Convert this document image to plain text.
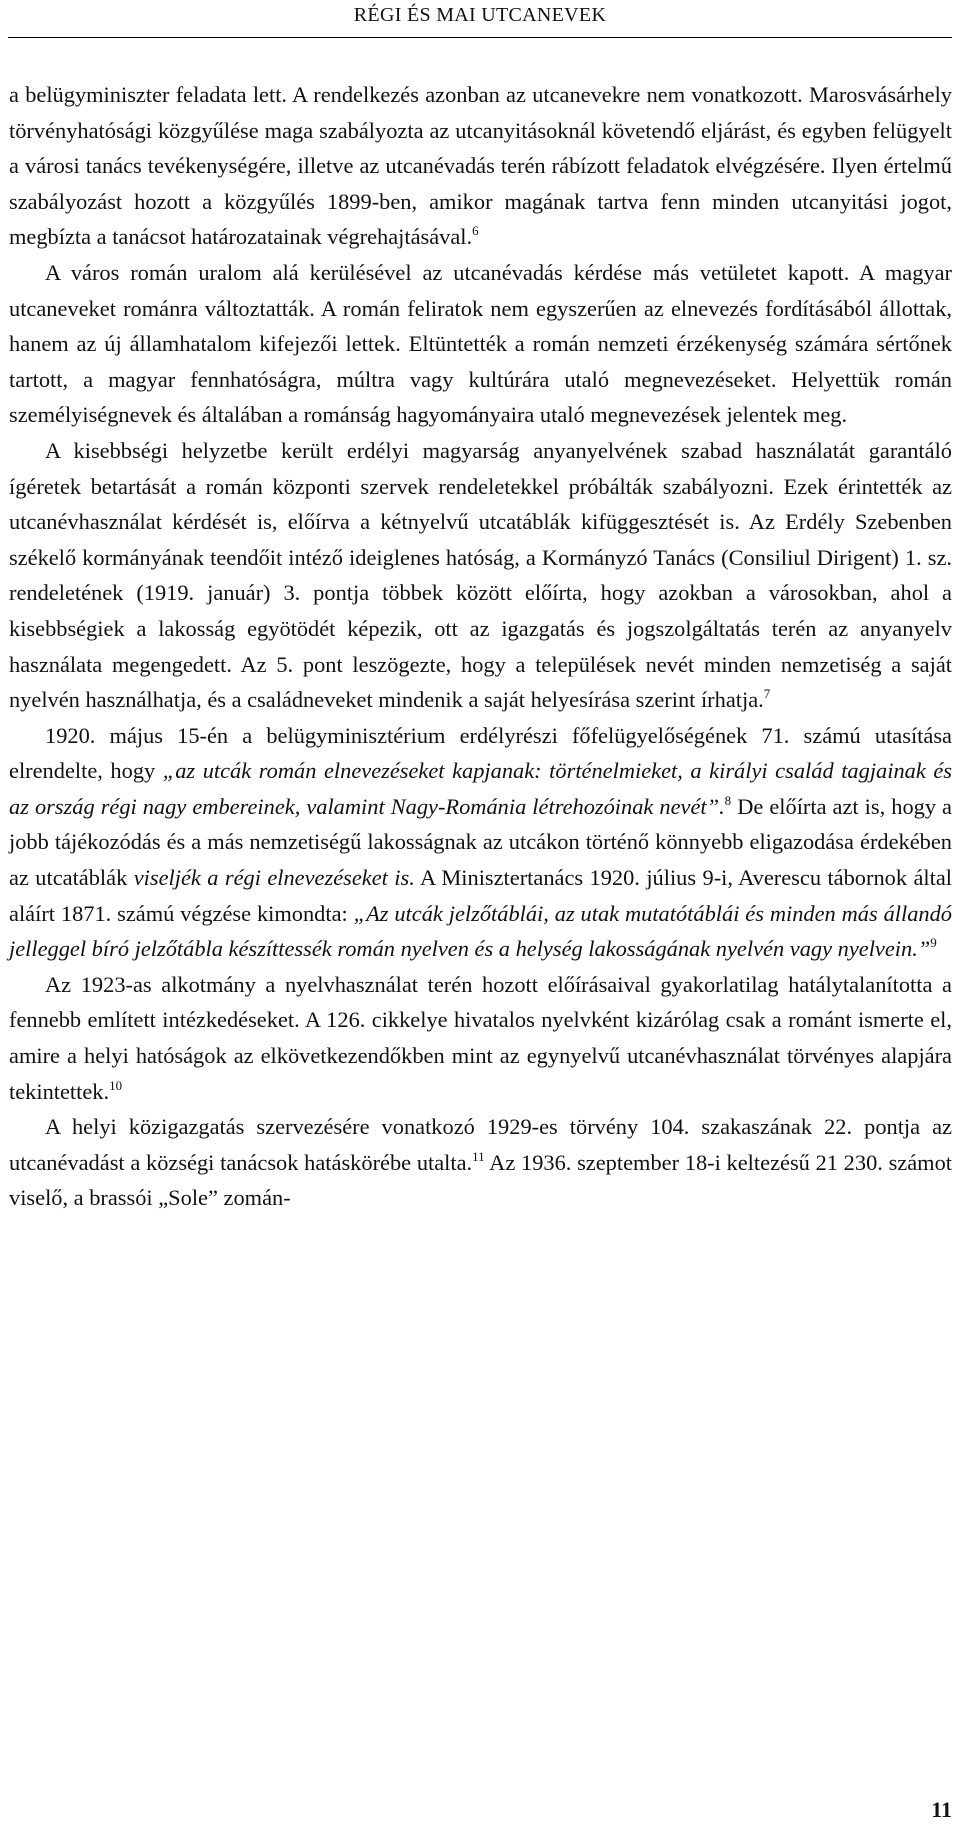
RÉGI ÉS MAI UTCANEVEK

a belügyminiszter feladata lett. A rendelkezés azonban az utcanevekre nem vonatkozott. Marosvásárhely törvényhatósági közgyűlése maga szabályozta az utcanyitásoknál követendő eljárást, és egyben felügyelt a városi tanács tevékenységére, illetve az utcanévadás terén rábízott feladatok elvégzésére. Ilyen értelmű szabályozást hozott a közgyűlés 1899-ben, amikor magának tartva fenn minden utcanyitási jogot, megbízta a tanácsot határozatainak végrehajtásával.$^6$

A város román uralom alá kerülésével az utcanévadás kérdése más vetületet kapott. A magyar utcaneveket románra változtatták. A román feliratok nem egyszerűen az elnevezés fordításából állottak, hanem az új államhatalom kifejezői lettek. Eltüntették a román nemzeti érzékenység számára sértőnek tartott, a magyar fennhatóságra, múltra vagy kultúrára utaló megnevezéseket. Helyettük román személyiségnevek és általában a románság hagyományaira utaló megnevezések jelentek meg.

A kisebbségi helyzetbe került erdélyi magyarság anyanyelvének szabad használatát garantáló ígéretek betartását a román központi szervek rendeletekkel próbálták szabályozni. Ezek érintették az utcanévhasználat kérdését is, előírva a kétnyelvű utcatáblák kifüggesztését is. Az Erdély Szebenben székelő kormányának teendőit intéző ideiglenes hatóság, a Kormányzó Tanács (Consiliul Dirigent) 1. sz. rendeletének (1919. január) 3. pontja többek között előírta, hogy azokban a városokban, ahol a kisebbségiek a lakosság egyötödét képezik, ott az igazgatás és jogszolgáltatás terén az anyanyelv használata megengedett. Az 5. pont leszögezte, hogy a települések nevét minden nemzetiség a saját nyelvén használhatja, és a családneveket mindenik a saját helyesírása szerint írhatja.$^7$

1920. május 15-én a belügyminisztérium erdélyrészi főfelügyelőségének 71. számú utasítása elrendelte, hogy „az utcák román elnevezéseket kapjanak: történelmieket, a királyi család tagjainak és az ország régi nagy embereinek, valamint Nagy-Románia létrehozóinak nevét”.$^8$ De előírta azt is, hogy a jobb tájékozódás és a más nemzetiségű lakosságnak az utcákon történő könnyebb eligazodása érdekében az utcatáblák viseljék a régi elnevezéseket is. A Minisztertanács 1920. július 9-i, Averescu tábornok által aláírt 1871. számú végzése kimondta: „Az utcák jelzőtáblái, az utak mutatótáblái és minden más állandó jelleggel bíró jelzőtábla készíttessék román nyelven és a helység lakosságának nyelvén vagy nyelvein.”$^9$

Az 1923-as alkotmány a nyelvhasználat terén hozott előírásaival gyakorlatilag hatálytalanította a fennebb említett intézkedéseket. A 126. cikkelye hivatalos nyelvként kizárólag csak a románt ismerte el, amire a helyi hatóságok az elkövetkezendőkben mint az egynyelvű utcanévhasználat törvényes alapjára tekintettek.$^{10}$

A helyi közigazgatás szervezésére vonatkozó 1929-es törvény 104. szakaszának 22. pontja az utcanévadást a községi tanácsok hatáskörébe utalta.$^{11}$ Az 1936. szeptember 18-i keltezésű 21 230. számot viselő, a brassói „Sole” zomán-

11
